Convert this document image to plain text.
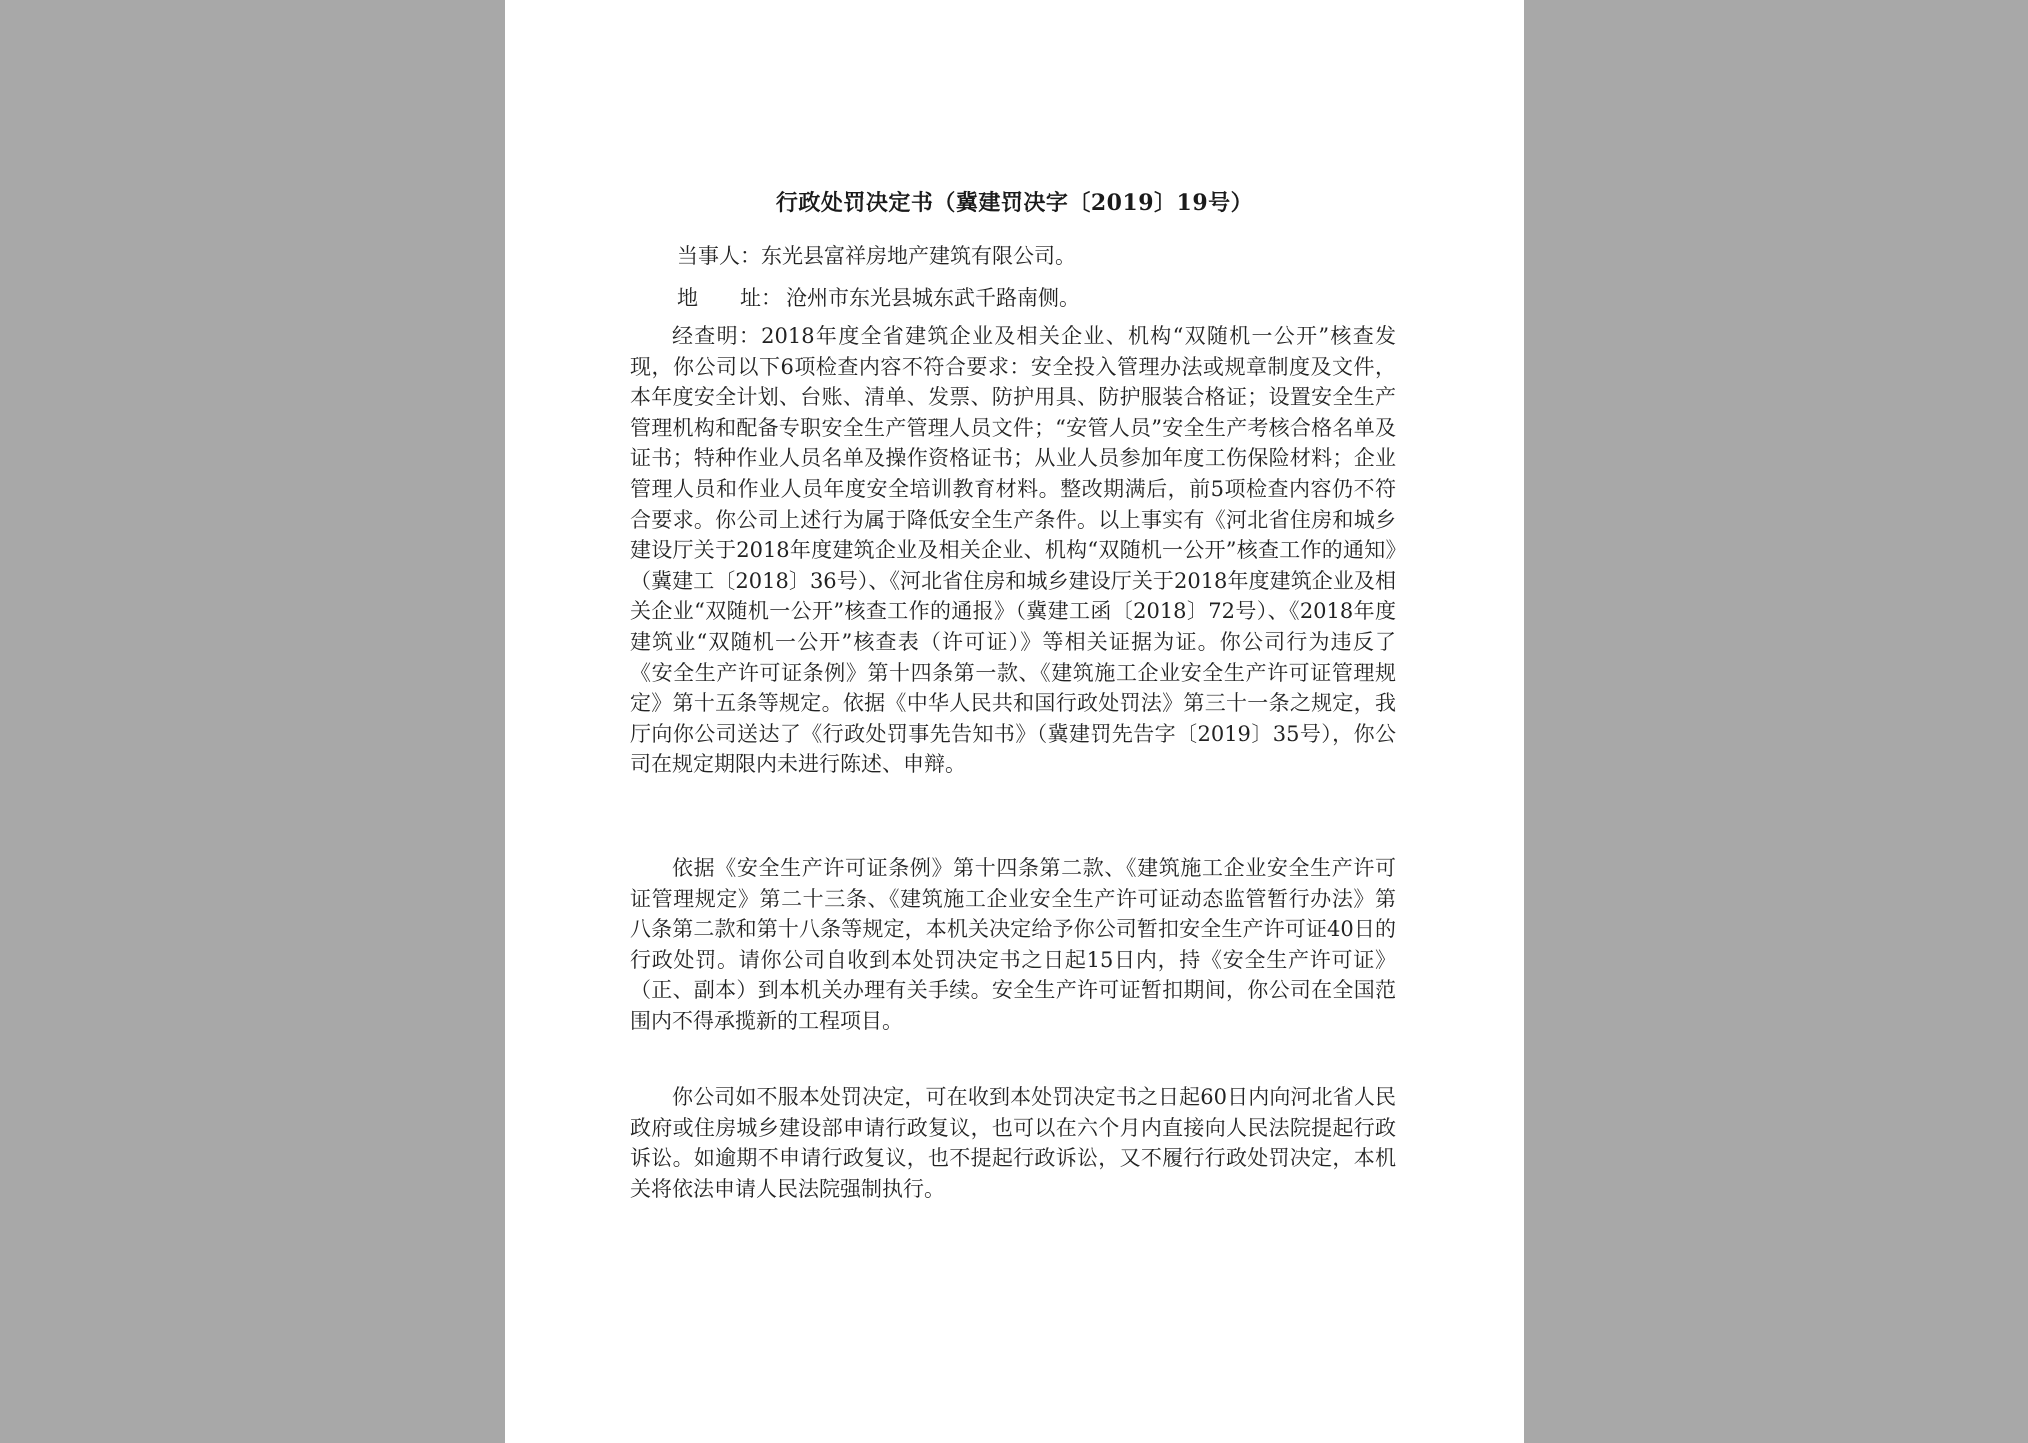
行政处罚决定书（冀建罚决字〔2019〕19号）
当事人：东光县富祥房地产建筑有限公司。
地　　址： 沧州市东光县城东武千路南侧。

经查明：2018年度全省建筑企业及相关企业、机构“双随机一公开”核查发现，你公司以下6项检查内容不符合要求：安全投入管理办法或规章制度及文件，本年度安全计划、台账、清单、发票、防护用具、防护服装合格证；设置安全生产管理机构和配备专职安全生产管理人员文件；“安管人员”安全生产考核合格名单及证书；特种作业人员名单及操作资格证书；从业人员参加年度工伤保险材料；企业管理人员和作业人员年度安全培训教育材料。整改期满后，前5项检查内容仍不符合要求。你公司上述行为属于降低安全生产条件。以上事实有《河北省住房和城乡建设厅关于2018年度建筑企业及相关企业、机构“双随机一公开”核查工作的通知》（冀建工〔2018〕36号）、《河北省住房和城乡建设厅关于2018年度建筑企业及相关企业“双随机一公开”核查工作的通报》（冀建工函〔2018〕72号）、《2018年度建筑业“双随机一公开”核查表（许可证）》等相关证据为证。你公司行为违反了《安全生产许可证条例》第十四条第一款、《建筑施工企业安全生产许可证管理规定》第十五条等规定。依据《中华人民共和国行政处罚法》第三十一条之规定，我厅向你公司送达了《行政处罚事先告知书》（冀建罚先告字〔2019〕35号），你公司在规定期限内未进行陈述、申辩。

依据《安全生产许可证条例》第十四条第二款、《建筑施工企业安全生产许可证管理规定》第二十三条、《建筑施工企业安全生产许可证动态监管暂行办法》第八条第二款和第十八条等规定，本机关决定给予你公司暂扣安全生产许可证40日的行政处罚。请你公司自收到本处罚决定书之日起15日内，持《安全生产许可证》（正、副本）到本机关办理有关手续。安全生产许可证暂扣期间，你公司在全国范围内不得承揽新的工程项目。

你公司如不服本处罚决定，可在收到本处罚决定书之日起60日内向河北省人民政府或住房城乡建设部申请行政复议，也可以在六个月内直接向人民法院提起行政诉讼。如逾期不申请行政复议，也不提起行政诉讼，又不履行行政处罚决定，本机关将依法申请人民法院强制执行。
